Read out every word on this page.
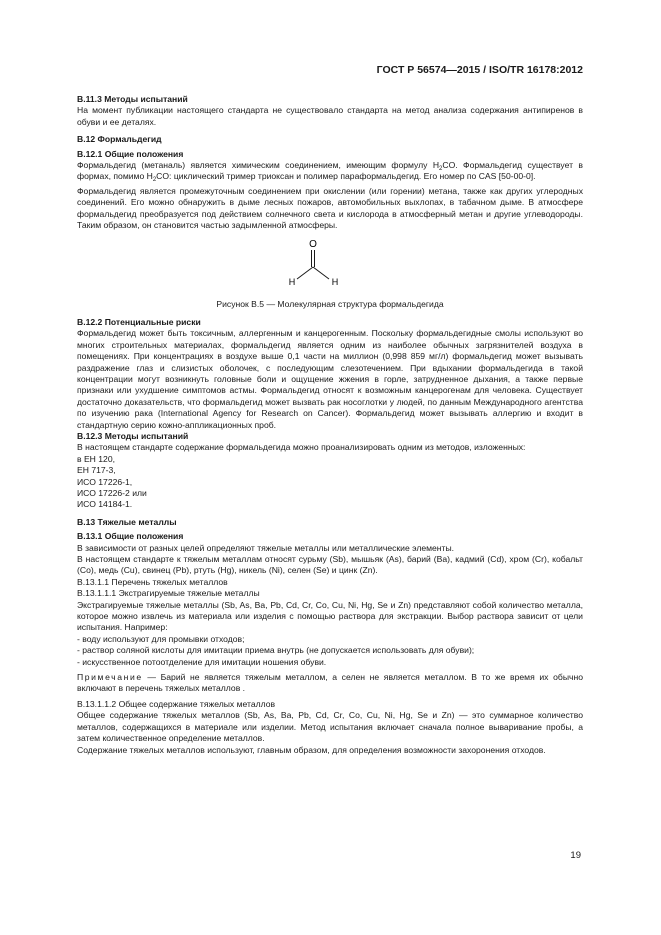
ГОСТ Р 56574—2015 / ISO/TR 16178:2012

В.11.3 Методы испытаний

На момент публикации настоящего стандарта не существовало стандарта на метод анализа содержания антипиренов в обуви и ее деталях.

В.12 Формальдегид

В.12.1 Общие положения

Формальдегид (метаналь) является химическим соединением, имеющим формулу $H_2CO$. Формальдегид существует в формах, помимо $H_2CO$: циклический тример триоксан и полимер параформальдегид. Его номер по CAS [50-00-0].

Формальдегид является промежуточным соединением при окислении (или горении) метана, также как других углеродных соединений. Его можно обнаружить в дыме лесных пожаров, автомобильных выхлопах, в табачном дыме. В атмосфере формальдегид преобразуется под действием солнечного света и кислорода в атмосферный метан и другие углеводороды. Таким образом, он становится частью задымленной атмосферы.

O
C
H	H

Рисунок В.5 — Молекулярная структура формальдегида

В.12.2 Потенциальные риски

Формальдегид может быть токсичным, аллергенным и канцерогенным. Поскольку формальдегидные смолы используют во многих строительных материалах, формальдегид является одним из наиболее обычных загрязнителей воздуха в помещениях. При концентрациях в воздухе выше 0,1 части на миллион (0,998 859 мг/л) формальдегид может вызывать раздражение глаз и слизистых оболочек, с последующим слезотечением. При вдыхании формальдегида в такой концентрации могут возникнуть головные боли и ощущение жжения в горле, затрудненное дыхания, а также первые признаки или ухудшение симптомов астмы. Формальдегид относят к возможным канцерогенам для человека. Существует достаточно доказательств, что формальдегид может вызвать рак носоглотки у людей, по данным Международного агентства по изучению рака (International Agency for Research on Cancer). Формальдегид может вызывать аллергию и входит в стандартную серию кожно-аппликационных проб.

В.12.3 Методы испытаний

В настоящем стандарте содержание формальдегида можно проанализировать одним из методов, изложенных:

в ЕН 120,

ЕН 717-3,

ИСО 17226-1,

ИСО 17226-2 или

ИСО 14184-1.

В.13 Тяжелые металлы

В.13.1 Общие положения

В зависимости от разных целей определяют тяжелые металлы или металлические элементы.

В настоящем стандарте к тяжелым металлам относят сурьму (Sb), мышьяк (As), барий (Ba), кадмий (Cd), хром (Cr), кобальт (Co), медь (Cu), свинец (Pb), ртуть (Hg), никель (Ni), селен (Se) и цинк (Zn).

В.13.1.1 Перечень тяжелых металлов

В.13.1.1.1 Экстрагируемые тяжелые металлы

Экстрагируемые тяжелые металлы (Sb, As, Ba, Pb, Cd, Cr, Co, Cu, Ni, Hg, Se и Zn) представляют собой количество металла, которое можно извлечь из материала или изделия с помощью раствора для экстракции. Выбор раствора зависит от цели испытания. Например:

- воду используют для промывки отходов;

- раствор соляной кислоты для имитации приема внутрь (не допускается использовать для обуви);

- искусственное потоотделение для имитации ношения обуви.

Примечание — Барий не является тяжелым металлом, а селен не является металлом. В то же время их обычно включают в перечень тяжелых металлов .

В.13.1.1.2 Общее содержание тяжелых металлов

Общее содержание тяжелых металлов (Sb, As, Ba, Pb, Cd, Cr, Co, Cu, Ni, Hg, Se и Zn) — это суммарное количество металлов, содержащихся в материале или изделии. Метод испытания включает сначала полное вываривание пробы, а затем количественное определение металлов.

Содержание тяжелых металлов используют, главным образом, для определения возможности захоронения отходов.

19
